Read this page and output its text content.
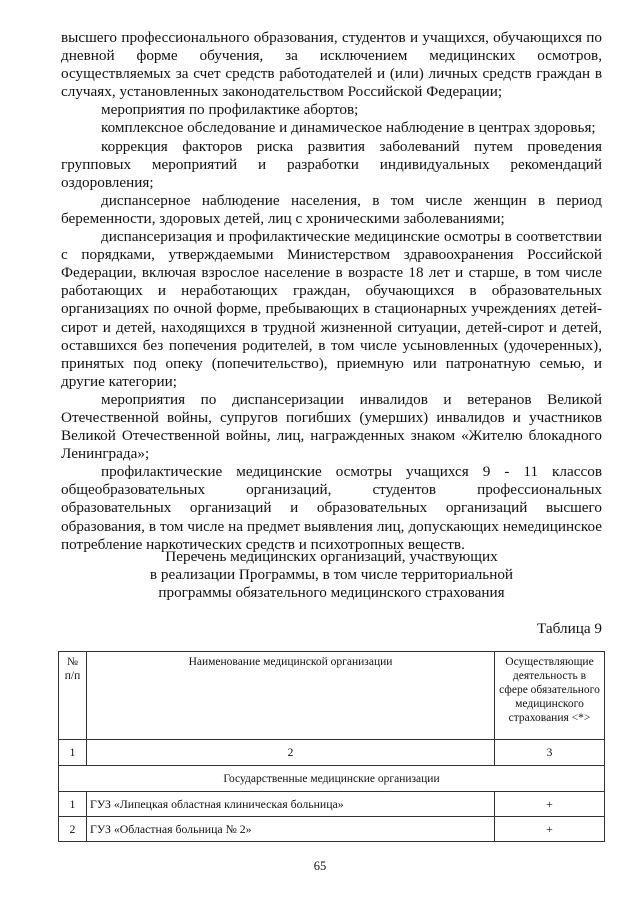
высшего профессионального образования, студентов и учащихся, обучающихся по дневной форме обучения, за исключением медицинских осмотров, осуществляемых за счет средств работодателей и (или) личных средств граждан в случаях, установленных законодательством Российской Федерации;

мероприятия по профилактике абортов;

комплексное обследование и динамическое наблюдение в центрах здоровья;

коррекция факторов риска развития заболеваний путем проведения групповых мероприятий и разработки индивидуальных рекомендаций оздоровления;

диспансерное наблюдение населения, в том числе женщин в период беременности, здоровых детей, лиц с хроническими заболеваниями;

диспансеризация и профилактические медицинские осмотры в соответствии с порядками, утверждаемыми Министерством здравоохранения Российской Федерации, включая взрослое население в возрасте 18 лет и старше, в том числе работающих и неработающих граждан, обучающихся в образовательных организациях по очной форме, пребывающих в стационарных учреждениях детей-сирот и детей, находящихся в трудной жизненной ситуации, детей-сирот и детей, оставшихся без попечения родителей, в том числе усыновленных (удочеренных), принятых под опеку (попечительство), приемную или патронатную семью, и другие категории;

мероприятия по диспансеризации инвалидов и ветеранов Великой Отечественной войны, супругов погибших (умерших) инвалидов и участников Великой Отечественной войны, лиц, награжденных знаком «Жителю блокадного Ленинграда»;

профилактические медицинские осмотры учащихся 9 - 11 классов общеобразовательных организаций, студентов профессиональных образовательных организаций и образовательных организаций высшего образования, в том числе на предмет выявления лиц, допускающих немедицинское потребление наркотических средств и психотропных веществ.

Перечень медицинских организаций, участвующих
в реализации Программы, в том числе территориальной
программы обязательного медицинского страхования
Таблица 9
№ п/п	Наименование медицинской организации	Осуществляющие деятельность в сфере обязательного медицинского страхования <*>
1	2	3
Государственные медицинские организации		
1	ГУЗ «Липецкая областная клиническая больница»	+
2	ГУЗ «Областная больница № 2»	+
65
